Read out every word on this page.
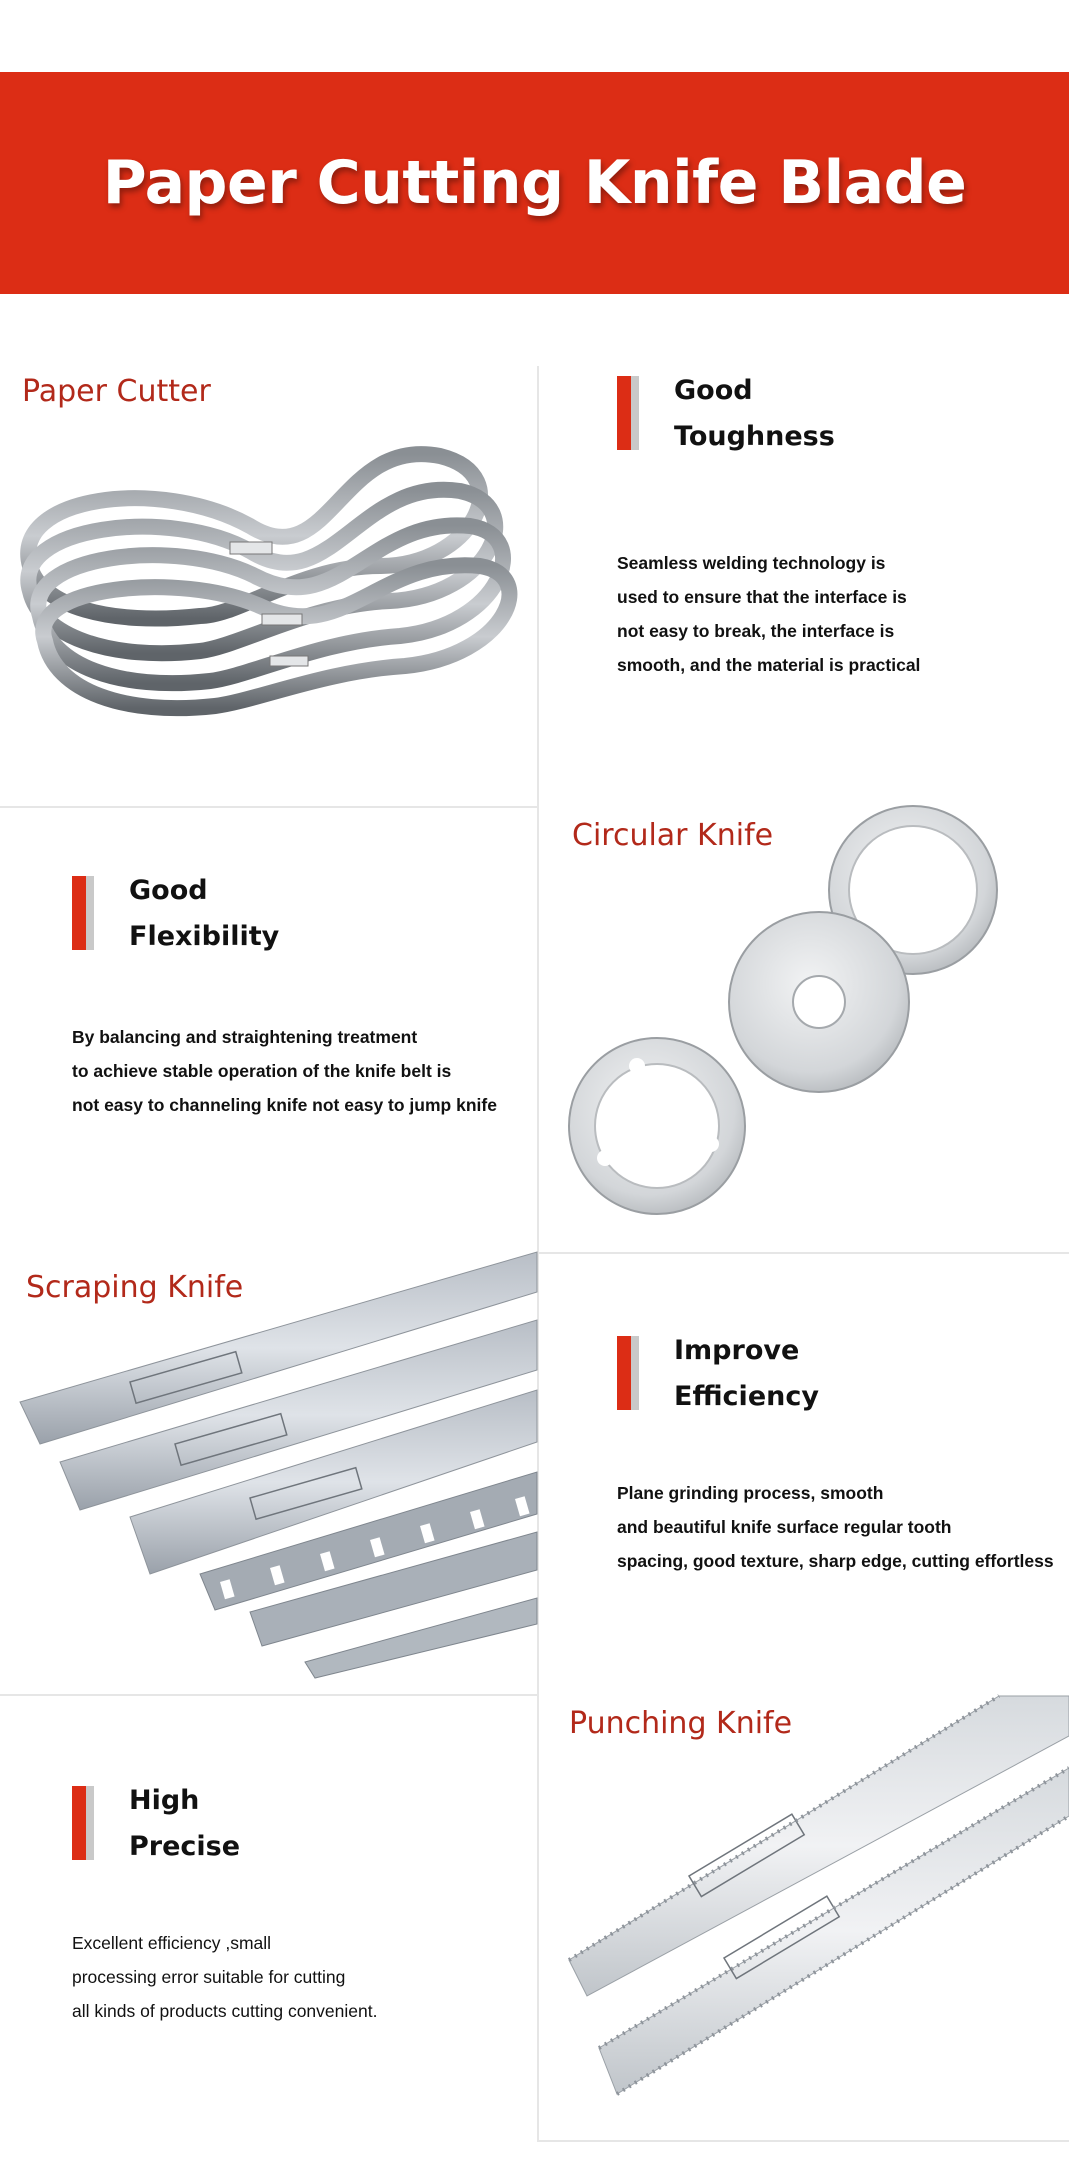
Paper Cutting Knife Blade
Paper Cutter	Good
Toughness

Seamless welding technology is
used to ensure that the interface is
not easy to break, the interface is
smooth, and the material is practical

Good
Flexibility

By balancing and straightening treatment
to achieve stable operation of the knife belt is
not easy to channeling knife not easy to jump knife

Circular Knife
Scraping Knife
Improve
Efficiency

Plane grinding process, smooth
and beautiful knife surface regular tooth
spacing, good texture, sharp edge, cutting effortless

High
Precise

Excellent efficiency ,small
processing error suitable for cutting
all kinds of products cutting convenient.

Punching Knife
